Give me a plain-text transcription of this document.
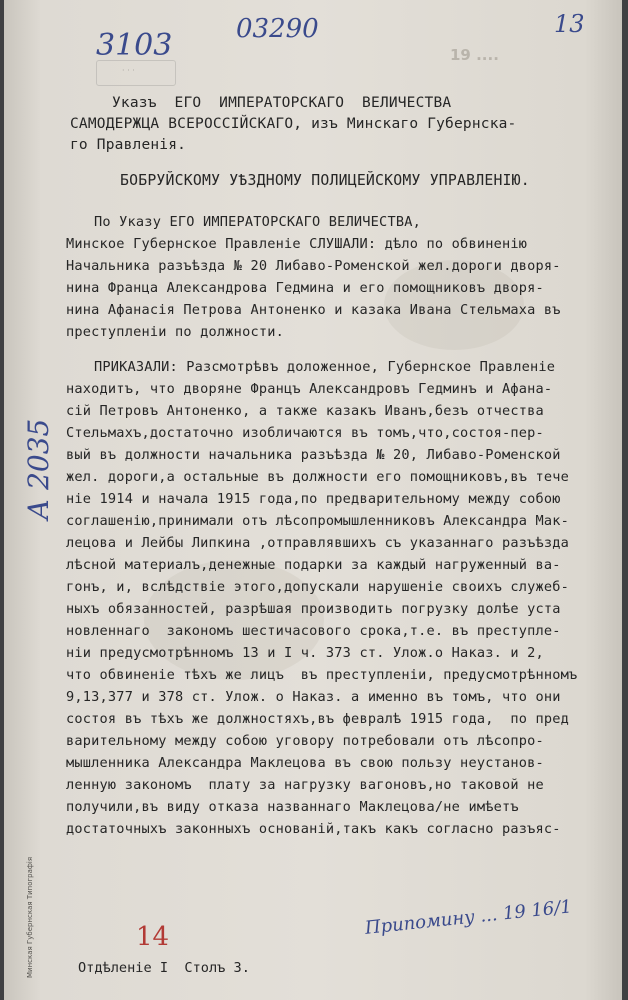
· · ·
19 ....
3103 03290	13
Указъ  ЕГО  ИМПЕРАТОРСКАГО  ВЕЛИЧЕСТВА
САМОДЕРЖЦА ВСЕРОССІЙСКАГО, изъ Минскаго Губернска-
го Правленія.
БОБРУЙСКОМУ УѢЗДНОМУ ПОЛИЦЕЙСКОМУ УПРАВЛЕНІЮ.
По Указу ЕГО ИМПЕРАТОРСКАГО ВЕЛИЧЕСТВА,
Минское Губернское Правленіе СЛУШАЛИ: дѣло по обвиненію
Начальника разъѣзда № 20 Либаво-Роменской жел.дороги дворя-
нина Франца Александрова Гедмина и его помощниковъ дворя-
нина Афанасія Петрова Антоненко и казака Ивана Стельмаха въ
преступленіи по должности.
ПРИКАЗАЛИ: Разсмотрѣвъ доложенное, Губернское Правленіе
находитъ, что дворяне Францъ Александровъ Гедминъ и Афана-
сій Петровъ Антоненко, а также казакъ Иванъ,безъ отчества
Стельмахъ,достаточно изобличаются въ томъ,что,состоя-пер-
вый въ должности начальника разъѣзда № 20, Либаво-Роменской
жел. дороги,а остальные въ должности его помощниковъ,въ тече
ніе 1914 и начала 1915 года,по предварительному между собою
соглашенію,принимали отъ лѣсопромышленниковъ Александра Мак-
лецова и Лейбы Липкина ,отправлявшихъ съ указаннаго разъѣзда
лѣсной материалъ,денежные подарки за каждый нагруженный ва-
гонъ, и, вслѣдствіе этого,допускали нарушеніе своихъ служеб-
ныхъ обязанностей, разрѣшая производить погрузку долѣе уста
новленнаго  закономъ шестичасового срока,т.е. въ преступле-
ніи предусмотрѣнномъ 13 и I ч. 373 ст. Улож.о Наказ. и 2,
что обвиненіе тѣхъ же лицъ  въ преступленіи, предусмотрѣнномъ
9,13,377 и 378 ст. Улож. о Наказ. а именно въ томъ, что они
состоя въ тѣхъ же должностяхъ,въ февралѣ 1915 года,  по пред
варительному между собою уговору потребовали отъ лѣсопро-
мышленника Александра Маклецова въ свою пользу неустанов-
ленную закономъ  плату за нагрузку вагоновъ,но таковой не
получили,въ виду отказа названнаго Маклецова/не имѣетъ
достаточныхъ законныхъ основаній,такъ какъ согласно разъяс-
А 2035
14	Припомину ... 19 16/1
Минская Губернская Типографія	Отдѣленіе I Столъ 3.
